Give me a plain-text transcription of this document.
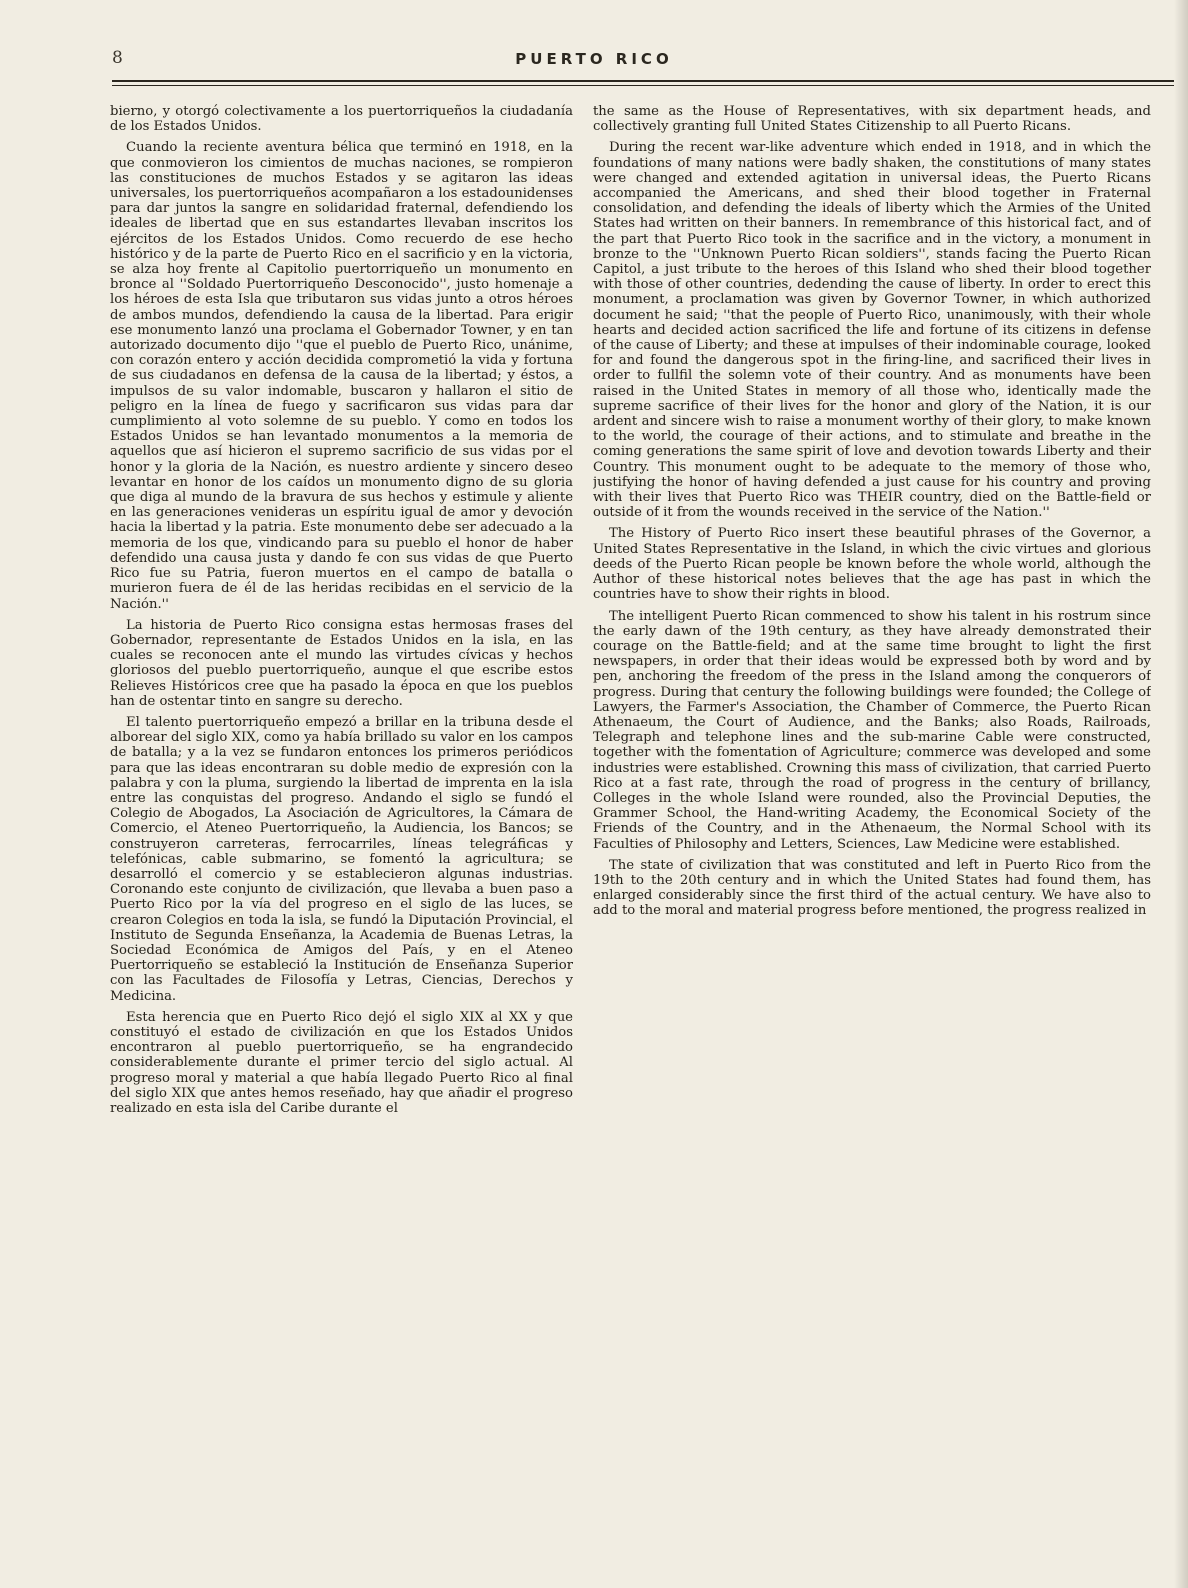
8	PUERTO RICO

bierno, y otorgó colectivamente a los puertorriqueños la ciudadanía de los Estados Unidos.

Cuando la reciente aventura bélica que terminó en 1918, en la que conmovieron los cimientos de muchas naciones, se rompieron las constituciones de muchos Estados y se agitaron las ideas universales, los puertorriqueños acompañaron a los estadounidenses para dar juntos la sangre en solidaridad fraternal, defendiendo los ideales de libertad que en sus estandartes llevaban inscritos los ejércitos de los Estados Unidos. Como recuerdo de ese hecho histórico y de la parte de Puerto Rico en el sacrificio y en la victoria, se alza hoy frente al Capitolio puertorriqueño un monumento en bronce al ''Soldado Puertorriqueño Desconocido'', justo homenaje a los héroes de esta Isla que tributaron sus vidas junto a otros héroes de ambos mundos, defendiendo la causa de la libertad. Para erigir ese monumento lanzó una proclama el Gobernador Towner, y en tan autorizado documento dijo ''que el pueblo de Puerto Rico, unánime, con corazón entero y acción decidida comprometió la vida y fortuna de sus ciudadanos en defensa de la causa de la libertad; y éstos, a impulsos de su valor indomable, buscaron y hallaron el sitio de peligro en la línea de fuego y sacrificaron sus vidas para dar cumplimiento al voto solemne de su pueblo. Y como en todos los Estados Unidos se han levantado monumentos a la memoria de aquellos que así hicieron el supremo sacrificio de sus vidas por el honor y la gloria de la Nación, es nuestro ardiente y sincero deseo levantar en honor de los caídos un monumento digno de su gloria que diga al mundo de la bravura de sus hechos y estimule y aliente en las generaciones venideras un espíritu igual de amor y devoción hacia la libertad y la patria. Este monumento debe ser adecuado a la memoria de los que, vindicando para su pueblo el honor de haber defendido una causa justa y dando fe con sus vidas de que Puerto Rico fue su Patria, fueron muertos en el campo de batalla o murieron fuera de él de las heridas recibidas en el servicio de la Nación.''

La historia de Puerto Rico consigna estas hermosas frases del Gobernador, representante de Estados Unidos en la isla, en las cuales se reconocen ante el mundo las virtudes cívicas y hechos gloriosos del pueblo puertorriqueño, aunque el que escribe estos Relieves Históricos cree que ha pasado la época en que los pueblos han de ostentar tinto en sangre su derecho.

El talento puertorriqueño empezó a brillar en la tribuna desde el alborear del siglo XIX, como ya había brillado su valor en los campos de batalla; y a la vez se fundaron entonces los primeros periódicos para que las ideas encontraran su doble medio de expresión con la palabra y con la pluma, surgiendo la libertad de imprenta en la isla entre las conquistas del progreso. Andando el siglo se fundó el Colegio de Abogados, La Asociación de Agricultores, la Cámara de Comercio, el Ateneo Puertorriqueño, la Audiencia, los Bancos; se construyeron carreteras, ferrocarriles, líneas telegráficas y telefónicas, cable submarino, se fomentó la agricultura; se desarrolló el comercio y se establecieron algunas industrias. Coronando este conjunto de civilización, que llevaba a buen paso a Puerto Rico por la vía del progreso en el siglo de las luces, se crearon Colegios en toda la isla, se fundó la Diputación Provincial, el Instituto de Segunda Enseñanza, la Academia de Buenas Letras, la Sociedad Económica de Amigos del País, y en el Ateneo Puertorriqueño se estableció la Institución de Enseñanza Superior con las Facultades de Filosofía y Letras, Ciencias, Derechos y Medicina.

Esta herencia que en Puerto Rico dejó el siglo XIX al XX y que constituyó el estado de civilización en que los Estados Unidos encontraron al pueblo puertorriqueño, se ha engrandecido considerablemente durante el primer tercio del siglo actual. Al progreso moral y material a que había llegado Puerto Rico al final del siglo XIX que antes hemos reseñado, hay que añadir el progreso realizado en esta isla del Caribe durante el

the same as the House of Representatives, with six department heads, and collectively granting full United States Citizenship to all Puerto Ricans.

During the recent war-like adventure which ended in 1918, and in which the foundations of many nations were badly shaken, the constitutions of many states were changed and extended agitation in universal ideas, the Puerto Ricans accompanied the Americans, and shed their blood together in Fraternal consolidation, and defending the ideals of liberty which the Armies of the United States had written on their banners. In remembrance of this historical fact, and of the part that Puerto Rico took in the sacrifice and in the victory, a monument in bronze to the ''Unknown Puerto Rican soldiers'', stands facing the Puerto Rican Capitol, a just tribute to the heroes of this Island who shed their blood together with those of other countries, dedending the cause of liberty. In order to erect this monument, a proclamation was given by Governor Towner, in which authorized document he said; ''that the people of Puerto Rico, unanimously, with their whole hearts and decided action sacrificed the life and fortune of its citizens in defense of the cause of Liberty; and these at impulses of their indominable courage, looked for and found the dangerous spot in the firing-line, and sacrificed their lives in order to fullfil the solemn vote of their country. And as monuments have been raised in the United States in memory of all those who, identically made the supreme sacrifice of their lives for the honor and glory of the Nation, it is our ardent and sincere wish to raise a monument worthy of their glory, to make known to the world, the courage of their actions, and to stimulate and breathe in the coming generations the same spirit of love and devotion towards Liberty and their Country. This monument ought to be adequate to the memory of those who, justifying the honor of having defended a just cause for his country and proving with their lives that Puerto Rico was THEIR country, died on the Battle-field or outside of it from the wounds received in the service of the Nation.''

The History of Puerto Rico insert these beautiful phrases of the Governor, a United States Representative in the Island, in which the civic virtues and glorious deeds of the Puerto Rican people be known before the whole world, although the Author of these historical notes believes that the age has past in which the countries have to show their rights in blood.

The intelligent Puerto Rican commenced to show his talent in his rostrum since the early dawn of the 19th century, as they have already demonstrated their courage on the Battle-field; and at the same time brought to light the first newspapers, in order that their ideas would be expressed both by word and by pen, anchoring the freedom of the press in the Island among the conquerors of progress. During that century the following buildings were founded; the College of Lawyers, the Farmer's Association, the Chamber of Commerce, the Puerto Rican Athenaeum, the Court of Audience, and the Banks; also Roads, Railroads, Telegraph and telephone lines and the sub-marine Cable were constructed, together with the fomentation of Agriculture; commerce was developed and some industries were established. Crowning this mass of civilization, that carried Puerto Rico at a fast rate, through the road of progress in the century of brillancy, Colleges in the whole Island were rounded, also the Provincial Deputies, the Grammer School, the Hand-writing Academy, the Economical Society of the Friends of the Country, and in the Athenaeum, the Normal School with its Faculties of Philosophy and Letters, Sciences, Law Medicine were established.

The state of civilization that was constituted and left in Puerto Rico from the 19th to the 20th century and in which the United States had found them, has enlarged considerably since the first third of the actual century. We have also to add to the moral and material progress before mentioned, the progress realized in
